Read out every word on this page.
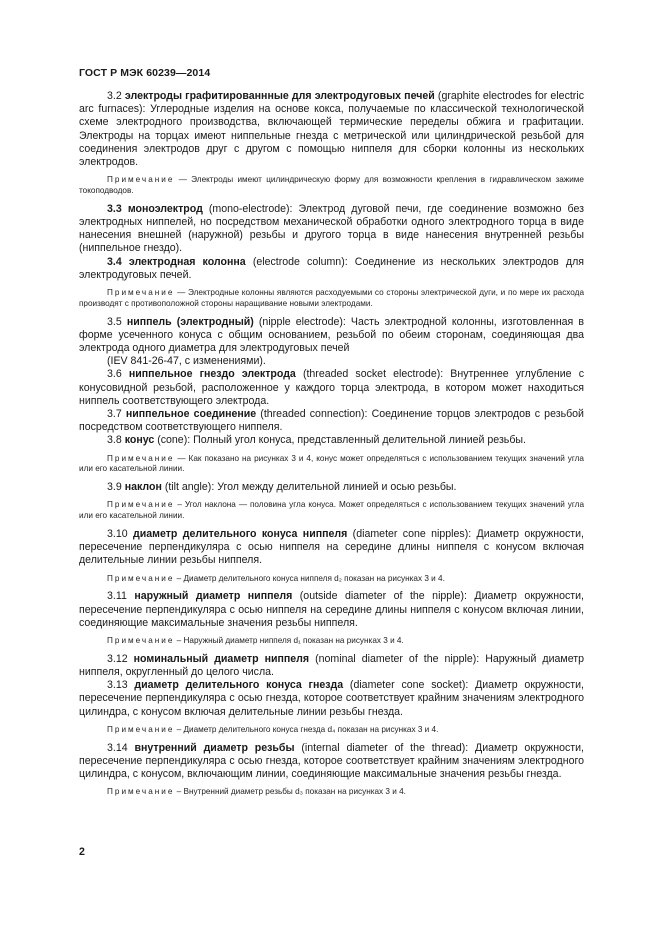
ГОСТ Р МЭК 60239—2014

3.2 электроды графитированнные для электродуговых печей (graphite electrodes for electric arc furnaces): Углеродные изделия на основе кокса, получаемые по классической технологической схеме электродного производства, включающей термические переделы обжига и графитации. Электроды на торцах имеют ниппельные гнезда с метрической или цилиндрической резьбой для соединения электродов друг с другом с помощью ниппеля для сборки колонны из нескольких электродов.

Примечание — Электроды имеют цилиндрическую форму для возможности крепления в гидравлическом зажиме токоподводов.

3.3 моноэлектрод (mono-electrode): Электрод дуговой печи, где соединение возможно без электродных ниппелей, но посредством механической обработки одного электродного торца в виде нанесения внешней (наружной) резьбы и другого торца в виде нанесения внутренней резьбы (ниппельное гнездо).

3.4 электродная колонна (electrode column): Соединение из нескольких электродов для электродуговых печей.

Примечание — Электродные колонны являются расходуемыми со стороны электрической дуги, и по мере их расхода производят с противоположной стороны наращивание новыми электродами.

3.5 ниппель (электродный) (nipple electrode): Часть электродной колонны, изготовленная в форме усеченного конуса с общим основанием, резьбой по обеим сторонам, соединяющая два электрода одного диаметра для электродуговых печей

(IEV 841-26-47, с изменениями).

3.6 ниппельное гнездо электрода (threaded socket electrode): Внутреннее углубление с конусовидной резьбой, расположенное у каждого торца электрода, в котором может находиться ниппель соответствующего электрода.

3.7 ниппельное соединение (threaded connection): Соединение торцов электродов с резьбой посредством соответствующего ниппеля.

3.8 конус (cone): Полный угол конуса, представленный делительной линией резьбы.

Примечание — Как показано на рисунках 3 и 4, конус может определяться с использованием текущих значений угла или его касательной линии.

3.9 наклон (tilt angle): Угол между делительной линией и осью резьбы.

Примечание – Угол наклона — половина угла конуса. Может определяться с использованием текущих значений угла или его касательной линии.

3.10 диаметр делительного конуса ниппеля (diameter cone nipples): Диаметр окружности, пересечение перпендикуляра с осью ниппеля на середине длины ниппеля с конусом включая делительные линии резьбы ниппеля.

Примечание – Диаметр делительного конуса ниппеля d₂ показан на рисунках 3 и 4.

3.11 наружный диаметр ниппеля (outside diameter of the nipple): Диаметр окружности, пересечение перпендикуляра с осью ниппеля на середине длины ниппеля с конусом включая линии, соединяющие максимальные значения резьбы ниппеля.

Примечание – Наружный диаметр ниппеля d₁ показан на рисунках 3 и 4.

3.12 номинальный диаметр ниппеля (nominal diameter of the nipple): Наружный диаметр ниппеля, округленный до целого числа.

3.13 диаметр делительного конуса гнезда (diameter cone socket): Диаметр окружности, пересечение перпендикуляра с осью гнезда, которое соответствует крайним значениям электродного цилиндра, с конусом включая делительные линии резьбы гнезда.

Примечание – Диаметр делительного конуса гнезда d₄ показан на рисунках 3 и 4.

3.14 внутренний диаметр резьбы (internal diameter of the thread): Диаметр окружности, пересечение перпендикуляра с осью гнезда, которое соответствует крайним значениям электродного цилиндра, с конусом, включающим линии, соединяющие максимальные значения резьбы гнезда.

Примечание – Внутренний диаметр резьбы d₃ показан на рисунках 3 и 4.

2
